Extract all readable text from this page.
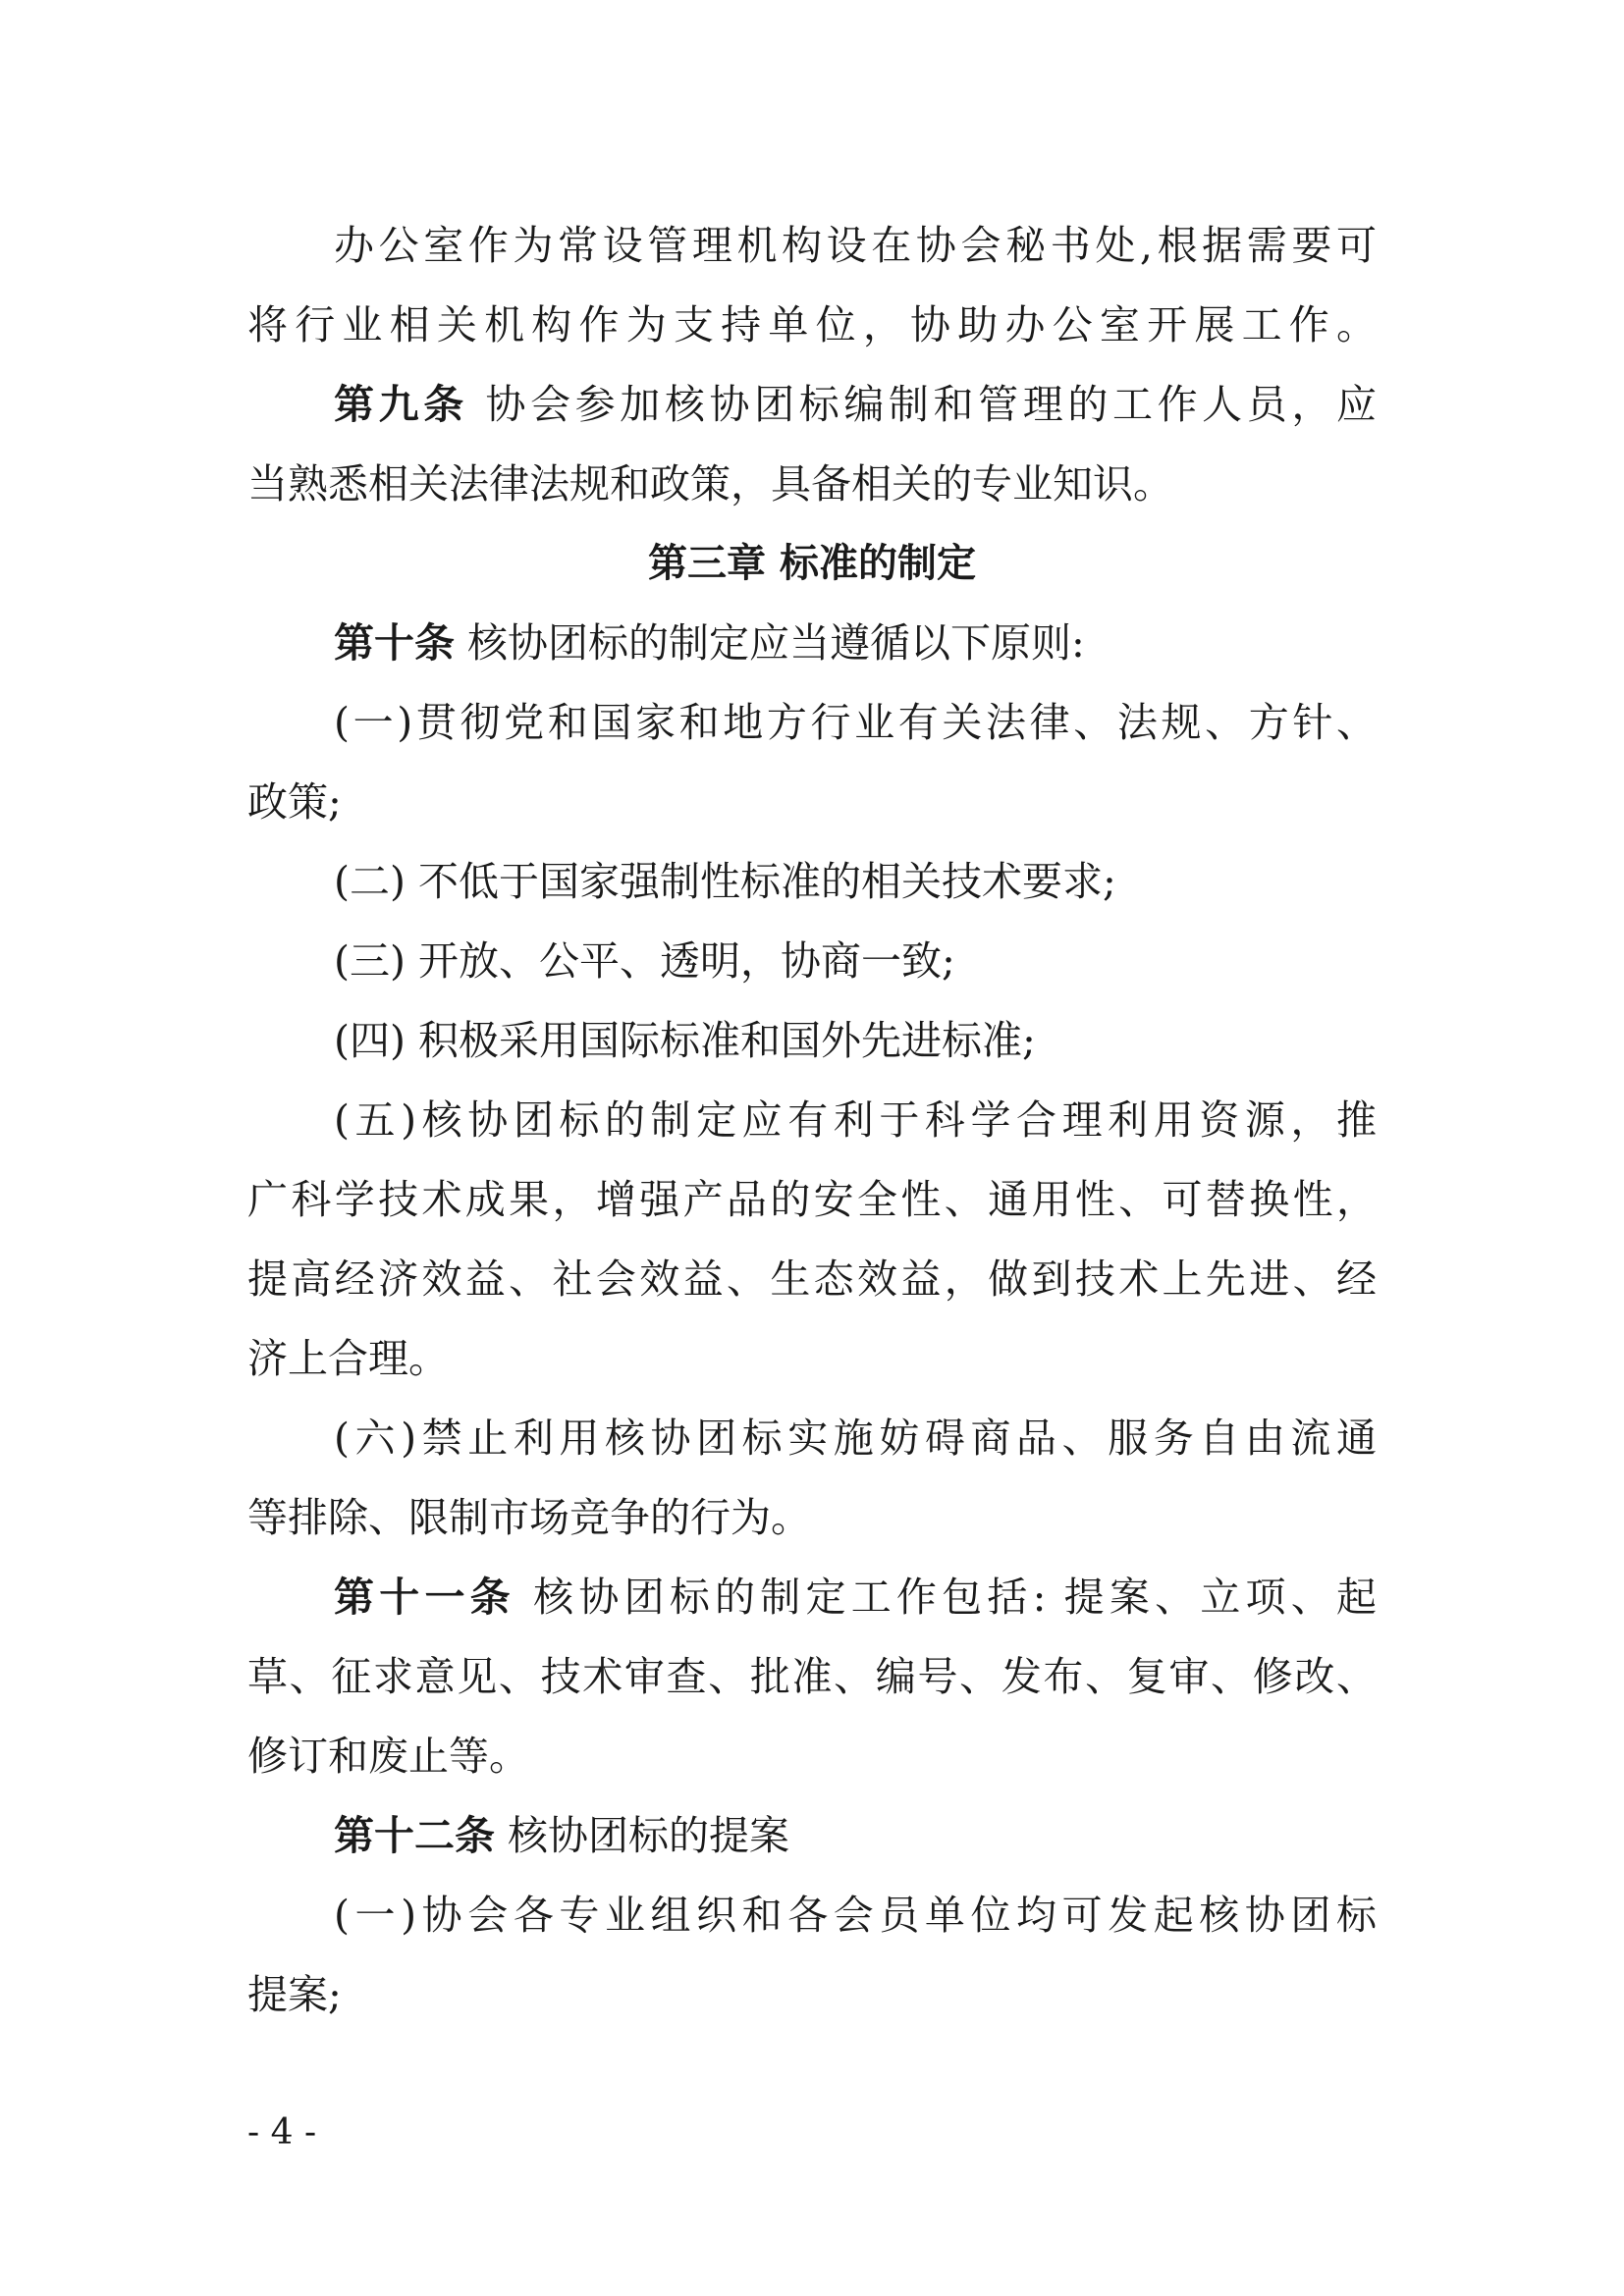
办公室作为常设管理机构设在协会秘书处,根据需要可
将行业相关机构作为支持单位，协助办公室开展工作。
第九条 协会参加核协团标编制和管理的工作人员，应
当熟悉相关法律法规和政策，具备相关的专业知识。
第三章 标准的制定
第十条 核协团标的制定应当遵循以下原则:
(一)贯彻党和国家和地方行业有关法律、法规、方针、
政策;
(二) 不低于国家强制性标准的相关技术要求;
(三) 开放、公平、透明，协商一致;
(四) 积极采用国际标准和国外先进标准;
(五)核协团标的制定应有利于科学合理利用资源，推
广科学技术成果，增强产品的安全性、通用性、可替换性，
提高经济效益、社会效益、生态效益，做到技术上先进、经
济上合理。
(六)禁止利用核协团标实施妨碍商品、服务自由流通
等排除、限制市场竞争的行为。
第十一条 核协团标的制定工作包括: 提案、立项、起
草、征求意见、技术审查、批准、编号、发布、复审、修改、
修订和废止等。
第十二条 核协团标的提案
(一)协会各专业组织和各会员单位均可发起核协团标
提案;
- 4 -
